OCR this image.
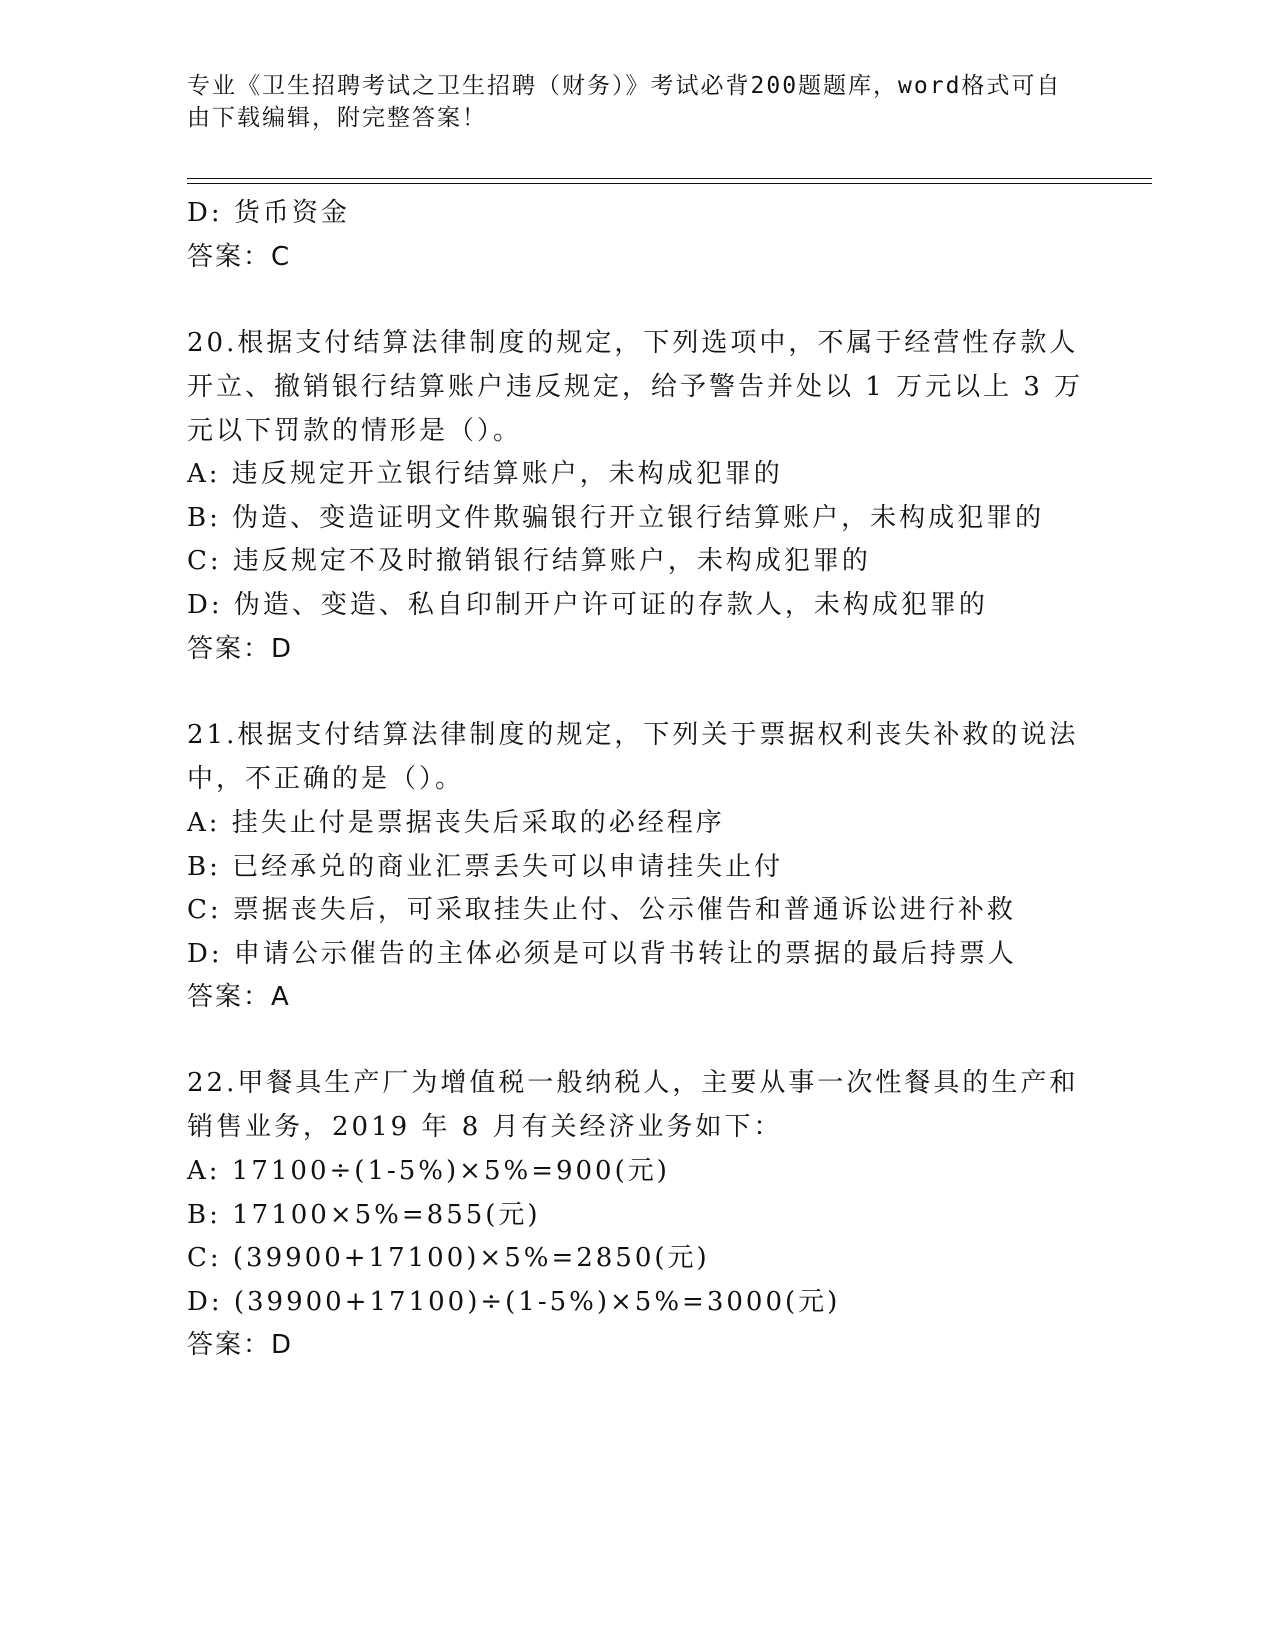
专业《卫生招聘考试之卫生招聘（财务）》考试必背200题题库，word格式可自
由下载编辑，附完整答案！
D: 货币资金
答案：C
20.根据支付结算法律制度的规定，下列选项中，不属于经营性存款人
开立、撤销银行结算账户违反规定，给予警告并处以 1 万元以上 3 万
元以下罚款的情形是（）。
A: 违反规定开立银行结算账户，未构成犯罪的
B: 伪造、变造证明文件欺骗银行开立银行结算账户，未构成犯罪的
C: 违反规定不及时撤销银行结算账户，未构成犯罪的
D: 伪造、变造、私自印制开户许可证的存款人，未构成犯罪的
答案：D
21.根据支付结算法律制度的规定，下列关于票据权利丧失补救的说法
中，不正确的是（）。
A: 挂失止付是票据丧失后采取的必经程序
B: 已经承兑的商业汇票丢失可以申请挂失止付
C: 票据丧失后，可采取挂失止付、公示催告和普通诉讼进行补救
D: 申请公示催告的主体必须是可以背书转让的票据的最后持票人
答案：A
22.甲餐具生产厂为增值税一般纳税人，主要从事一次性餐具的生产和
销售业务，2019 年 8 月有关经济业务如下：
A: 17100÷(1-5%)×5%=900(元)
B: 17100×5%=855(元)
C: (39900+17100)×5%=2850(元)
D: (39900+17100)÷(1-5%)×5%=3000(元)
答案：D
